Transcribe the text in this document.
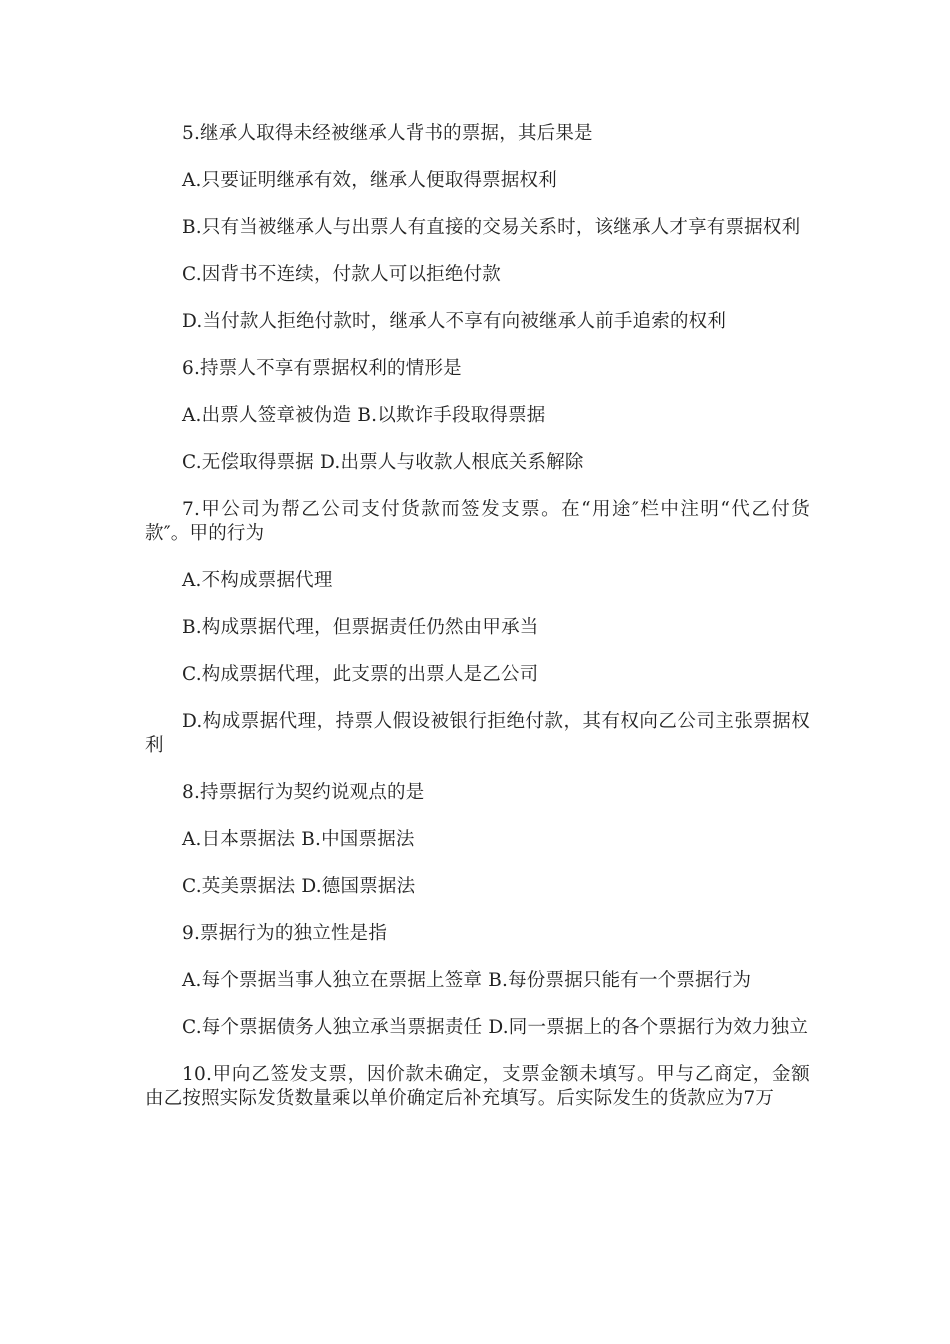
5.继承人取得未经被继承人背书的票据，其后果是

A.只要证明继承有效，继承人便取得票据权利

B.只有当被继承人与出票人有直接的交易关系时，该继承人才享有票据权利

C.因背书不连续，付款人可以拒绝付款

D.当付款人拒绝付款时，继承人不享有向被继承人前手追索的权利

6.持票人不享有票据权利的情形是

A.出票人签章被伪造 B.以欺诈手段取得票据

C.无偿取得票据 D.出票人与收款人根底关系解除

7.甲公司为帮乙公司支付货款而签发支票。在“用途″栏中注明“代乙付货款″。甲的行为

A.不构成票据代理

B.构成票据代理，但票据责任仍然由甲承当

C.构成票据代理，此支票的出票人是乙公司

D.构成票据代理，持票人假设被银行拒绝付款，其有权向乙公司主张票据权利

8.持票据行为契约说观点的是

A.日本票据法 B.中国票据法

C.英美票据法 D.德国票据法

9.票据行为的独立性是指

A.每个票据当事人独立在票据上签章 B.每份票据只能有一个票据行为

C.每个票据债务人独立承当票据责任 D.同一票据上的各个票据行为效力独立

10.甲向乙签发支票，因价款未确定，支票金额未填写。甲与乙商定，金额由乙按照实际发货数量乘以单价确定后补充填写。后实际发生的货款应为7万
